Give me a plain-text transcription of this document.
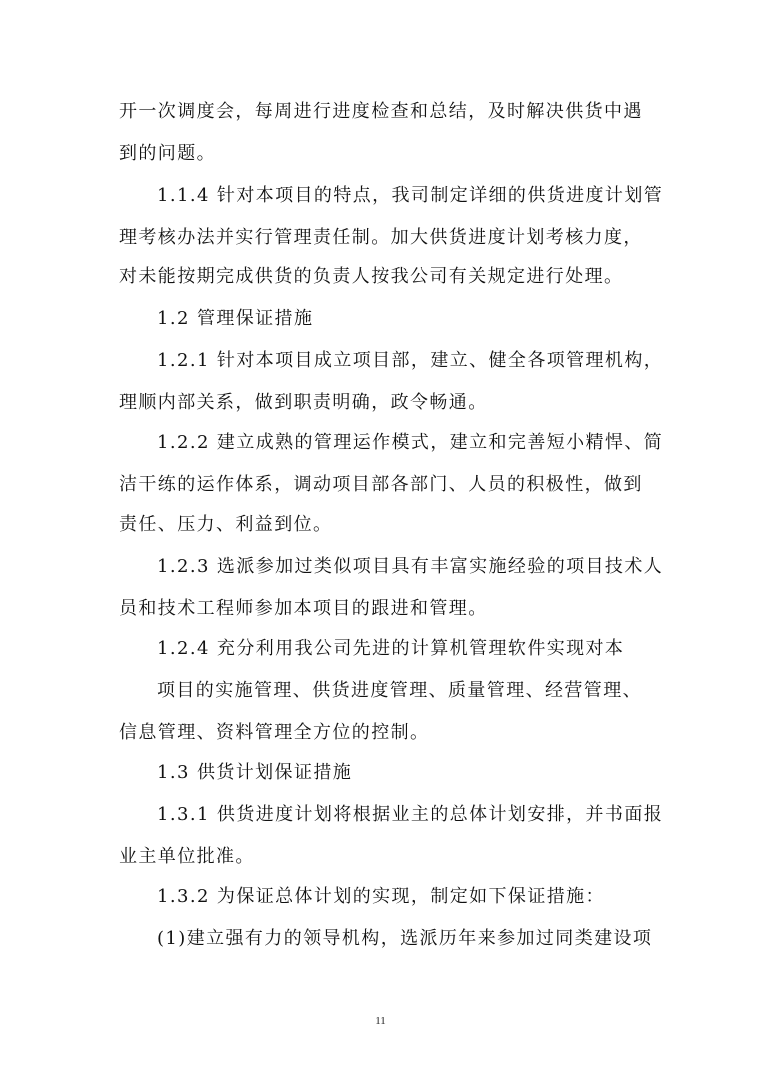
开一次调度会，每周进行进度检查和总结，及时解决供货中遇
到的问题。
1.1.4 针对本项目的特点，我司制定详细的供货进度计划管
理考核办法并实行管理责任制。加大供货进度计划考核力度，
对未能按期完成供货的负责人按我公司有关规定进行处理。
1.2 管理保证措施
1.2.1 针对本项目成立项目部，建立、健全各项管理机构，
理顺内部关系，做到职责明确，政令畅通。
1.2.2 建立成熟的管理运作模式，建立和完善短小精悍、简
洁干练的运作体系，调动项目部各部门、人员的积极性，做到
责任、压力、利益到位。
1.2.3 选派参加过类似项目具有丰富实施经验的项目技术人
员和技术工程师参加本项目的跟进和管理。
1.2.4 充分利用我公司先进的计算机管理软件实现对本
项目的实施管理、供货进度管理、质量管理、经营管理、
信息管理、资料管理全方位的控制。
1.3 供货计划保证措施
1.3.1 供货进度计划将根据业主的总体计划安排，并书面报
业主单位批准。
1.3.2 为保证总体计划的实现，制定如下保证措施：
(1)建立强有力的领导机构，选派历年来参加过同类建设项
11
